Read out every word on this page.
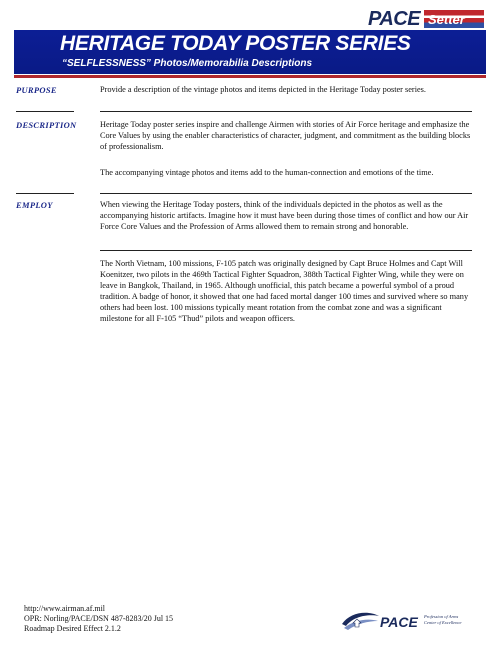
PACE Setter
HERITAGE TODAY POSTER SERIES
“SELFLESSNESS” Photos/Memorabilia Descriptions
PURPOSE	Provide a description of the vintage photos and items depicted in the Heritage Today poster series.

DESCRIPTION	Heritage Today poster series inspire and challenge Airmen with stories of Air Force heritage and emphasize the Core Values by using the enabler characteristics of character, judgment, and commitment as the building blocks of professionalism.

The accompanying vintage photos and items add to the human-connection and emotions of the time.

EMPLOY	When viewing the Heritage Today posters, think of the individuals depicted in the photos as well as the accompanying historic artifacts. Imagine how it must have been during those times of conflict and how our Air Force Core Values and the Profession of Arms allowed them to remain strong and honorable.

The North Vietnam, 100 missions, F-105 patch was originally designed by Capt Bruce Holmes and Capt Will Koenitzer, two pilots in the 469th Tactical Fighter Squadron, 388th Tactical Fighter Wing, while they were on leave in Bangkok, Thailand, in 1965. Although unofficial, this patch became a powerful symbol of a proud tradition. A badge of honor, it showed that one had faced mortal danger 100 times and survived where so many others had been lost. 100 missions typically meant rotation from the combat zone and was a significant milestone for all F-105 “Thud” pilots and weapon officers.

http://www.airman.af.mil
OPR: Norling/PACE/DSN 487-8283/20 Jul 15
Roadmap Desired Effect 2.1.2	PACE Profession of Arms Center of Excellence
